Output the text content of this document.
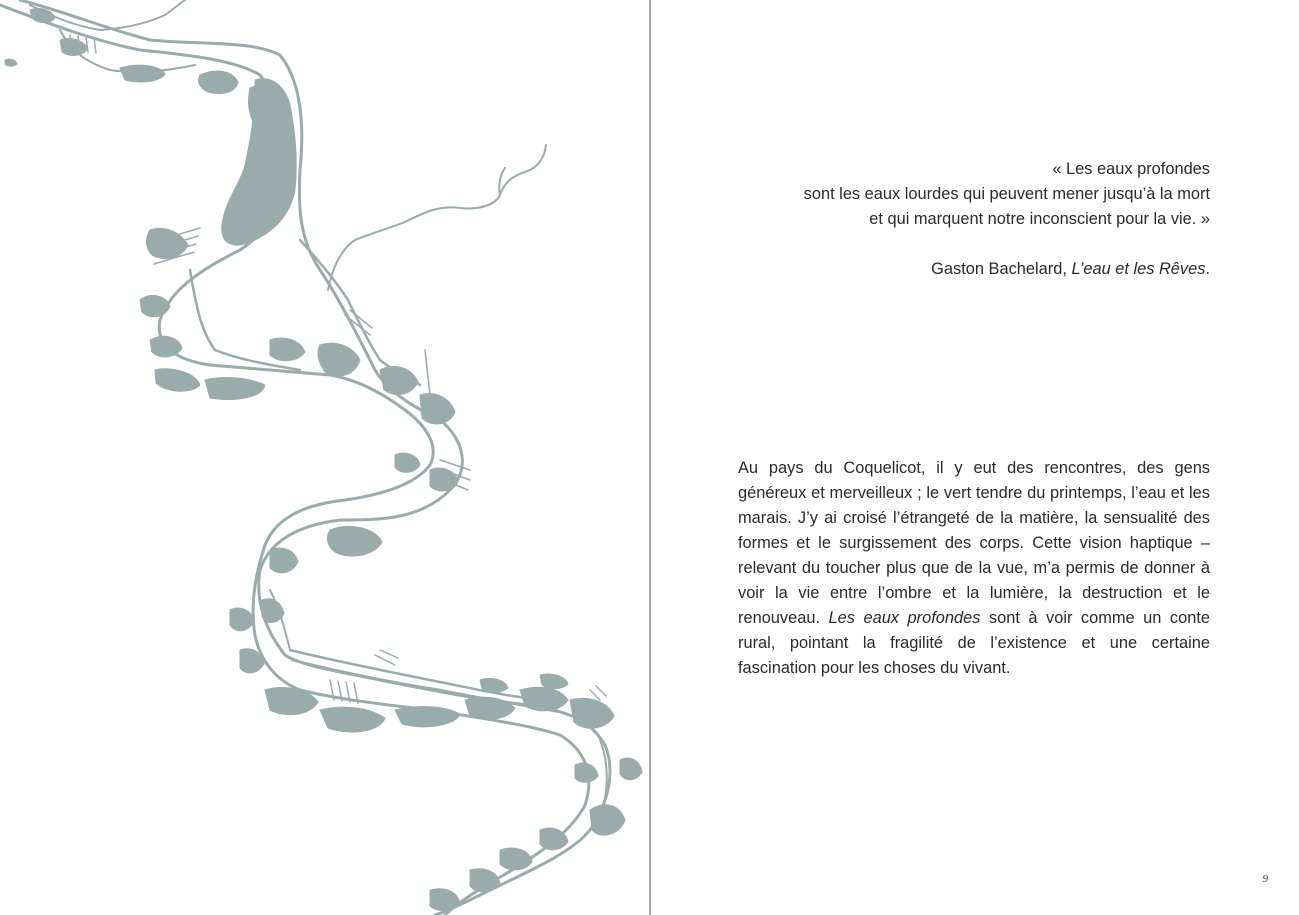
« Les eaux profondes
sont les eaux lourdes qui peuvent mener jusqu’à la mort
et qui marquent notre inconscient pour la vie. »
Gaston Bachelard, L’eau et les Rêves.
Au pays du Coquelicot, il y eut des rencontres, des gens généreux et merveilleux ; le vert tendre du printemps, l’eau et les marais. J’y ai croisé l’étrangeté de la matière, la sensualité des formes et le surgissement des corps. Cette vision haptique – relevant du toucher plus que de la vue, m’a permis de donner à voir la vie entre l’ombre et la lumière, la destruction et le renouveau. Les eaux profondes sont à voir comme un conte rural, pointant la fragilité de l’existence et une certaine fascination pour les choses du vivant.
9
